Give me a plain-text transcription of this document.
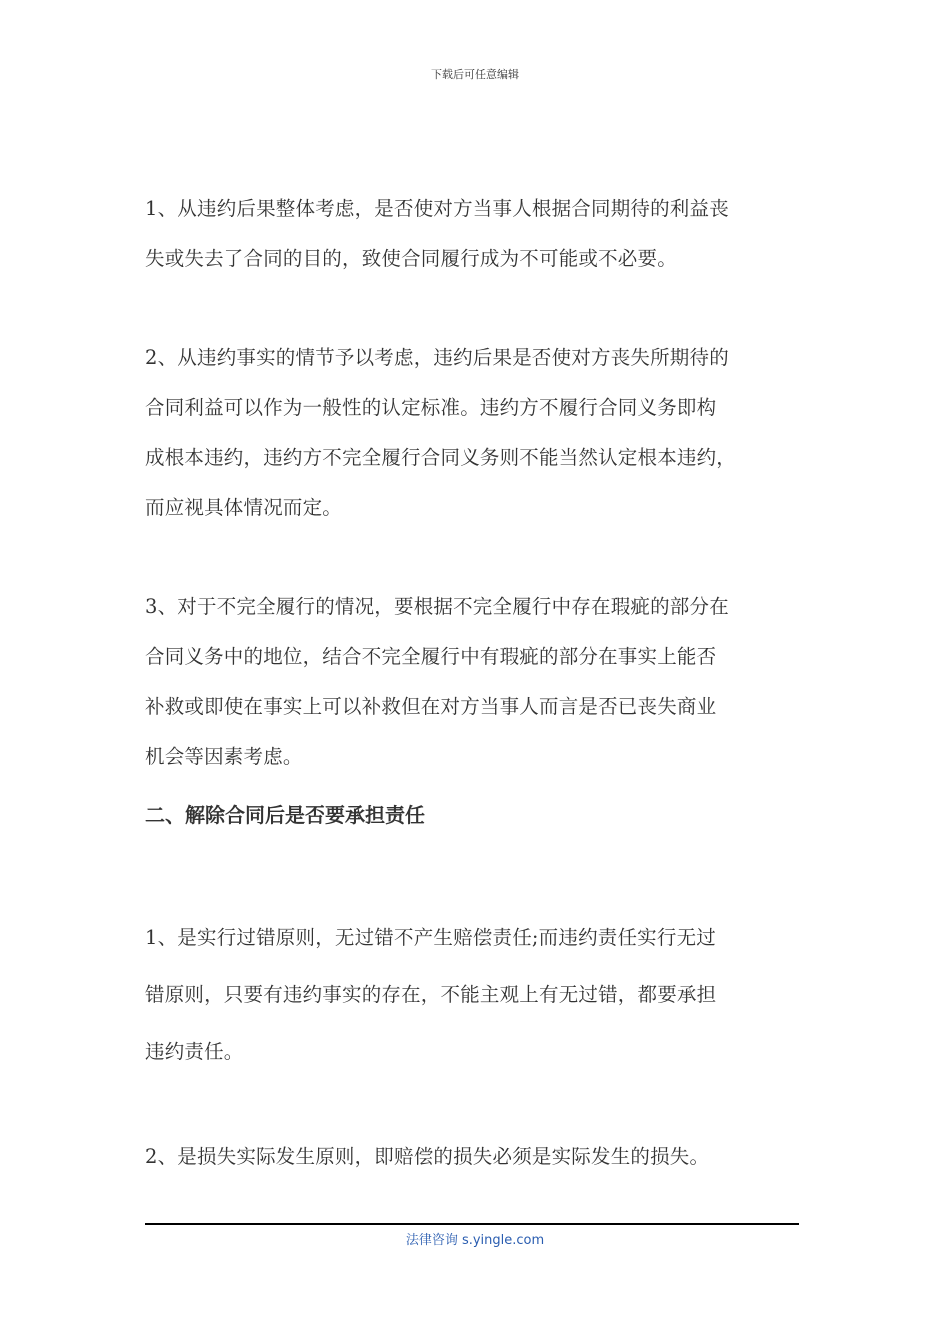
下载后可任意编辑
1、从违约后果整体考虑，是否使对方当事人根据合同期待的利益丧
失或失去了合同的目的，致使合同履行成为不可能或不必要。
2、从违约事实的情节予以考虑，违约后果是否使对方丧失所期待的
合同利益可以作为一般性的认定标准。违约方不履行合同义务即构
成根本违约，违约方不完全履行合同义务则不能当然认定根本违约，
而应视具体情况而定。
3、对于不完全履行的情况，要根据不完全履行中存在瑕疵的部分在
合同义务中的地位，结合不完全履行中有瑕疵的部分在事实上能否
补救或即使在事实上可以补救但在对方当事人而言是否已丧失商业
机会等因素考虑。
二、解除合同后是否要承担责任
1、是实行过错原则，无过错不产生赔偿责任;而违约责任实行无过
错原则，只要有违约事实的存在，不能主观上有无过错，都要承担
违约责任。
2、是损失实际发生原则，即赔偿的损失必须是实际发生的损失。
法律咨询 s.yingle.com
